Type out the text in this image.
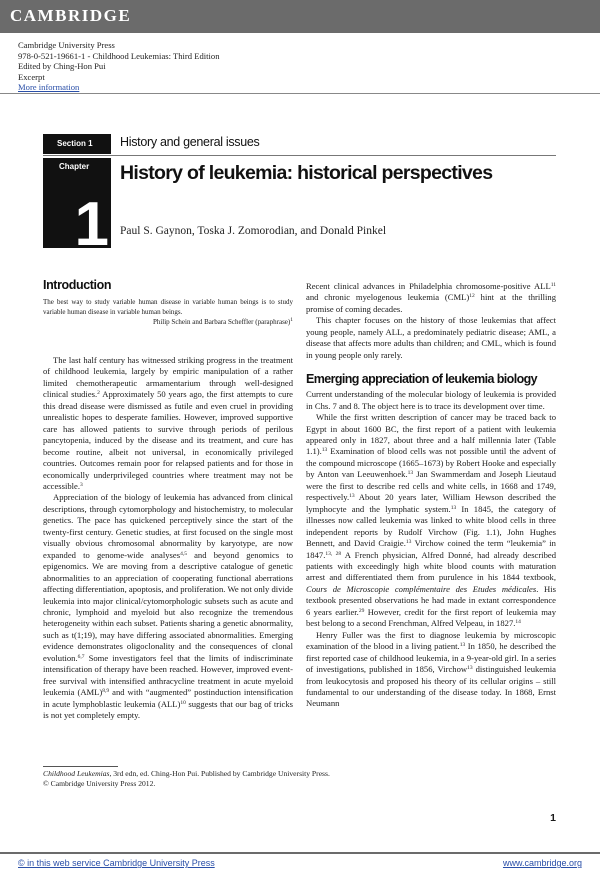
CAMBRIDGE
Cambridge University Press
978-0-521-19661-1 - Childhood Leukemias: Third Edition
Edited by Ching-Hon Pui
Excerpt
More information
Section 1	History and general issues
Chapter
1
History of leukemia: historical perspectives
Paul S. Gaynon, Toska J. Zomorodian, and Donald Pinkel
Introduction
The best way to study variable human disease in variable human beings is to study variable human disease in variable human beings.
Philip Schein and Barbara Scheffler (paraphrase)$^1$

The last half century has witnessed striking progress in the treatment of childhood leukemia, largely by empiric manipulation of a rather limited chemotherapeutic armamentarium through well-designed clinical studies.$^2$ Approximately 50 years ago, the first attempts to cure this dread disease were dismissed as futile and even cruel in providing unrealistic hopes to desperate families. However, improved supportive care has allowed patients to survive through periods of perilous pancytopenia, induced by the disease and its treatment, and cure has become routine, albeit not universal, in economically privileged countries. Outcomes remain poor for relapsed patients and for those in economically underprivileged countries where treatment may not be accessible.$^3$

Appreciation of the biology of leukemia has advanced from clinical descriptions, through cytomorphology and histochemistry, to molecular genetics. The pace has quickened perceptively since the start of the twenty-first century. Genetic studies, at first focused on the single most visually obvious chromosomal abnormality by karyotype, are now expanded to genome-wide analyses$^{4,5}$ and beyond genomics to epigenomics. We are moving from a descriptive catalogue of genetic abnormalities to an appreciation of cooperating functional aberrations affecting differentiation, apoptosis, and proliferation. We not only divide leukemia into major clinical/cytomorphologic subsets such as acute and chronic, lymphoid and myeloid but also recognize the tremendous heterogeneity within each subset. Patients sharing a genetic abnormality, such as t(1;19), may have differing associated abnormalities. Emerging evidence demonstrates oligoclonality and the consequences of clonal evolution.$^{6,7}$ Some investigators feel that the limits of indiscriminate intensification of therapy have been reached. However, improved event-free survival with intensified anthracycline treatment in acute myeloid leukemia (AML)$^{8,9}$ and with “augmented” postinduction intensification in acute lymphoblastic leukemia (ALL)$^{10}$ suggests that our bag of tricks is not yet completely empty.

Recent clinical advances in Philadelphia chromosome-positive ALL$^{11}$ and chronic myelogenous leukemia (CML)$^{12}$ hint at the thrilling promise of coming decades.

This chapter focuses on the history of those leukemias that affect young people, namely ALL, a predominately pediatric disease; AML, a disease that affects more adults than children; and CML, which is found in young people only rarely.

Emerging appreciation of leukemia biology

Current understanding of the molecular biology of leukemia is provided in Chs. 7 and 8. The object here is to trace its development over time.

While the first written description of cancer may be traced back to Egypt in about 1600 BC, the first report of a patient with leukemia appeared only in 1827, about three and a half millennia later (Table 1.1).$^{13}$ Examination of blood cells was not possible until the advent of the compound microscope (1665–1673) by Robert Hooke and especially by Anton van Leeuwenhoek.$^{13}$ Jan Swammerdam and Joseph Lieutaud were the first to describe red cells and white cells, in 1668 and 1749, respectively.$^{13}$ About 20 years later, William Hewson described the lymphocyte and the lymphatic system.$^{13}$ In 1845, the category of illnesses now called leukemia was linked to white blood cells in three independent reports by Rudolf Virchow (Fig. 1.1), John Hughes Bennett, and David Craigie.$^{13}$ Virchow coined the term “leukemia” in 1847.$^{13, 28}$ A French physician, Alfred Donné, had already described patients with exceedingly high white blood counts with maturation arrest and differentiated them from purulence in his 1844 textbook, Cours de Microscopie complémentaire des Etudes médicales. His textbook presented observations he had made in extant correspondence 6 years earlier.$^{29}$ However, credit for the first report of leukemia may best belong to a second Frenchman, Alfred Velpeau, in 1827.14

Henry Fuller was the first to diagnose leukemia by microscopic examination of the blood in a living patient.$^{13}$ In 1850, he described the first reported case of childhood leukemia, in a 9-year-old girl. In a series of investigations, published in 1856, Virchow$^{13}$ distinguished leukemia from leukocytosis and proposed his theory of its cellular origins – still fundamental to our understanding of the disease today. In 1868, Ernst Neumann

Childhood Leukemias, 3rd edn, ed. Ching-Hon Pui. Published by Cambridge University Press.
© Cambridge University Press 2012.
1
© in this web service Cambridge University Press	www.cambridge.org
